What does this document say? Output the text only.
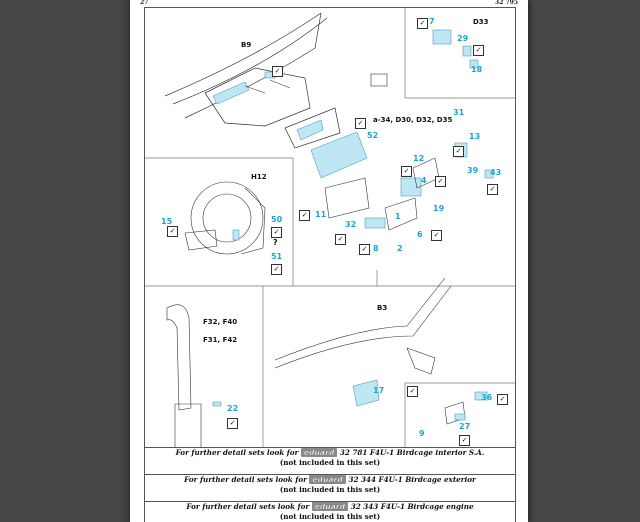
27	32 795
B9
D33
a-34, D30, D32, D35
H12
F32, F40
F31, F42
B3
7
29
18
31
52	13
12
4
39 43
19
11
32
1
8 2
6
15	50
51
22
17
36
9
27
?
✓
✓
✓
✓
✓
✓
✓
✓
✓
✓
✓
✓
✓
✓
✓
✓
✓
✓
✓
For further detail sets look for eduard 32 781 F4U-1 Birdcage interior S.A.
(not included in this set)
For further detail sets look for eduard 32 344 F4U-1 Birdcage exterior
(not included in this set)
For further detail sets look for eduard 32 343 F4U-1 Birdcage engine
(not included in this set)
